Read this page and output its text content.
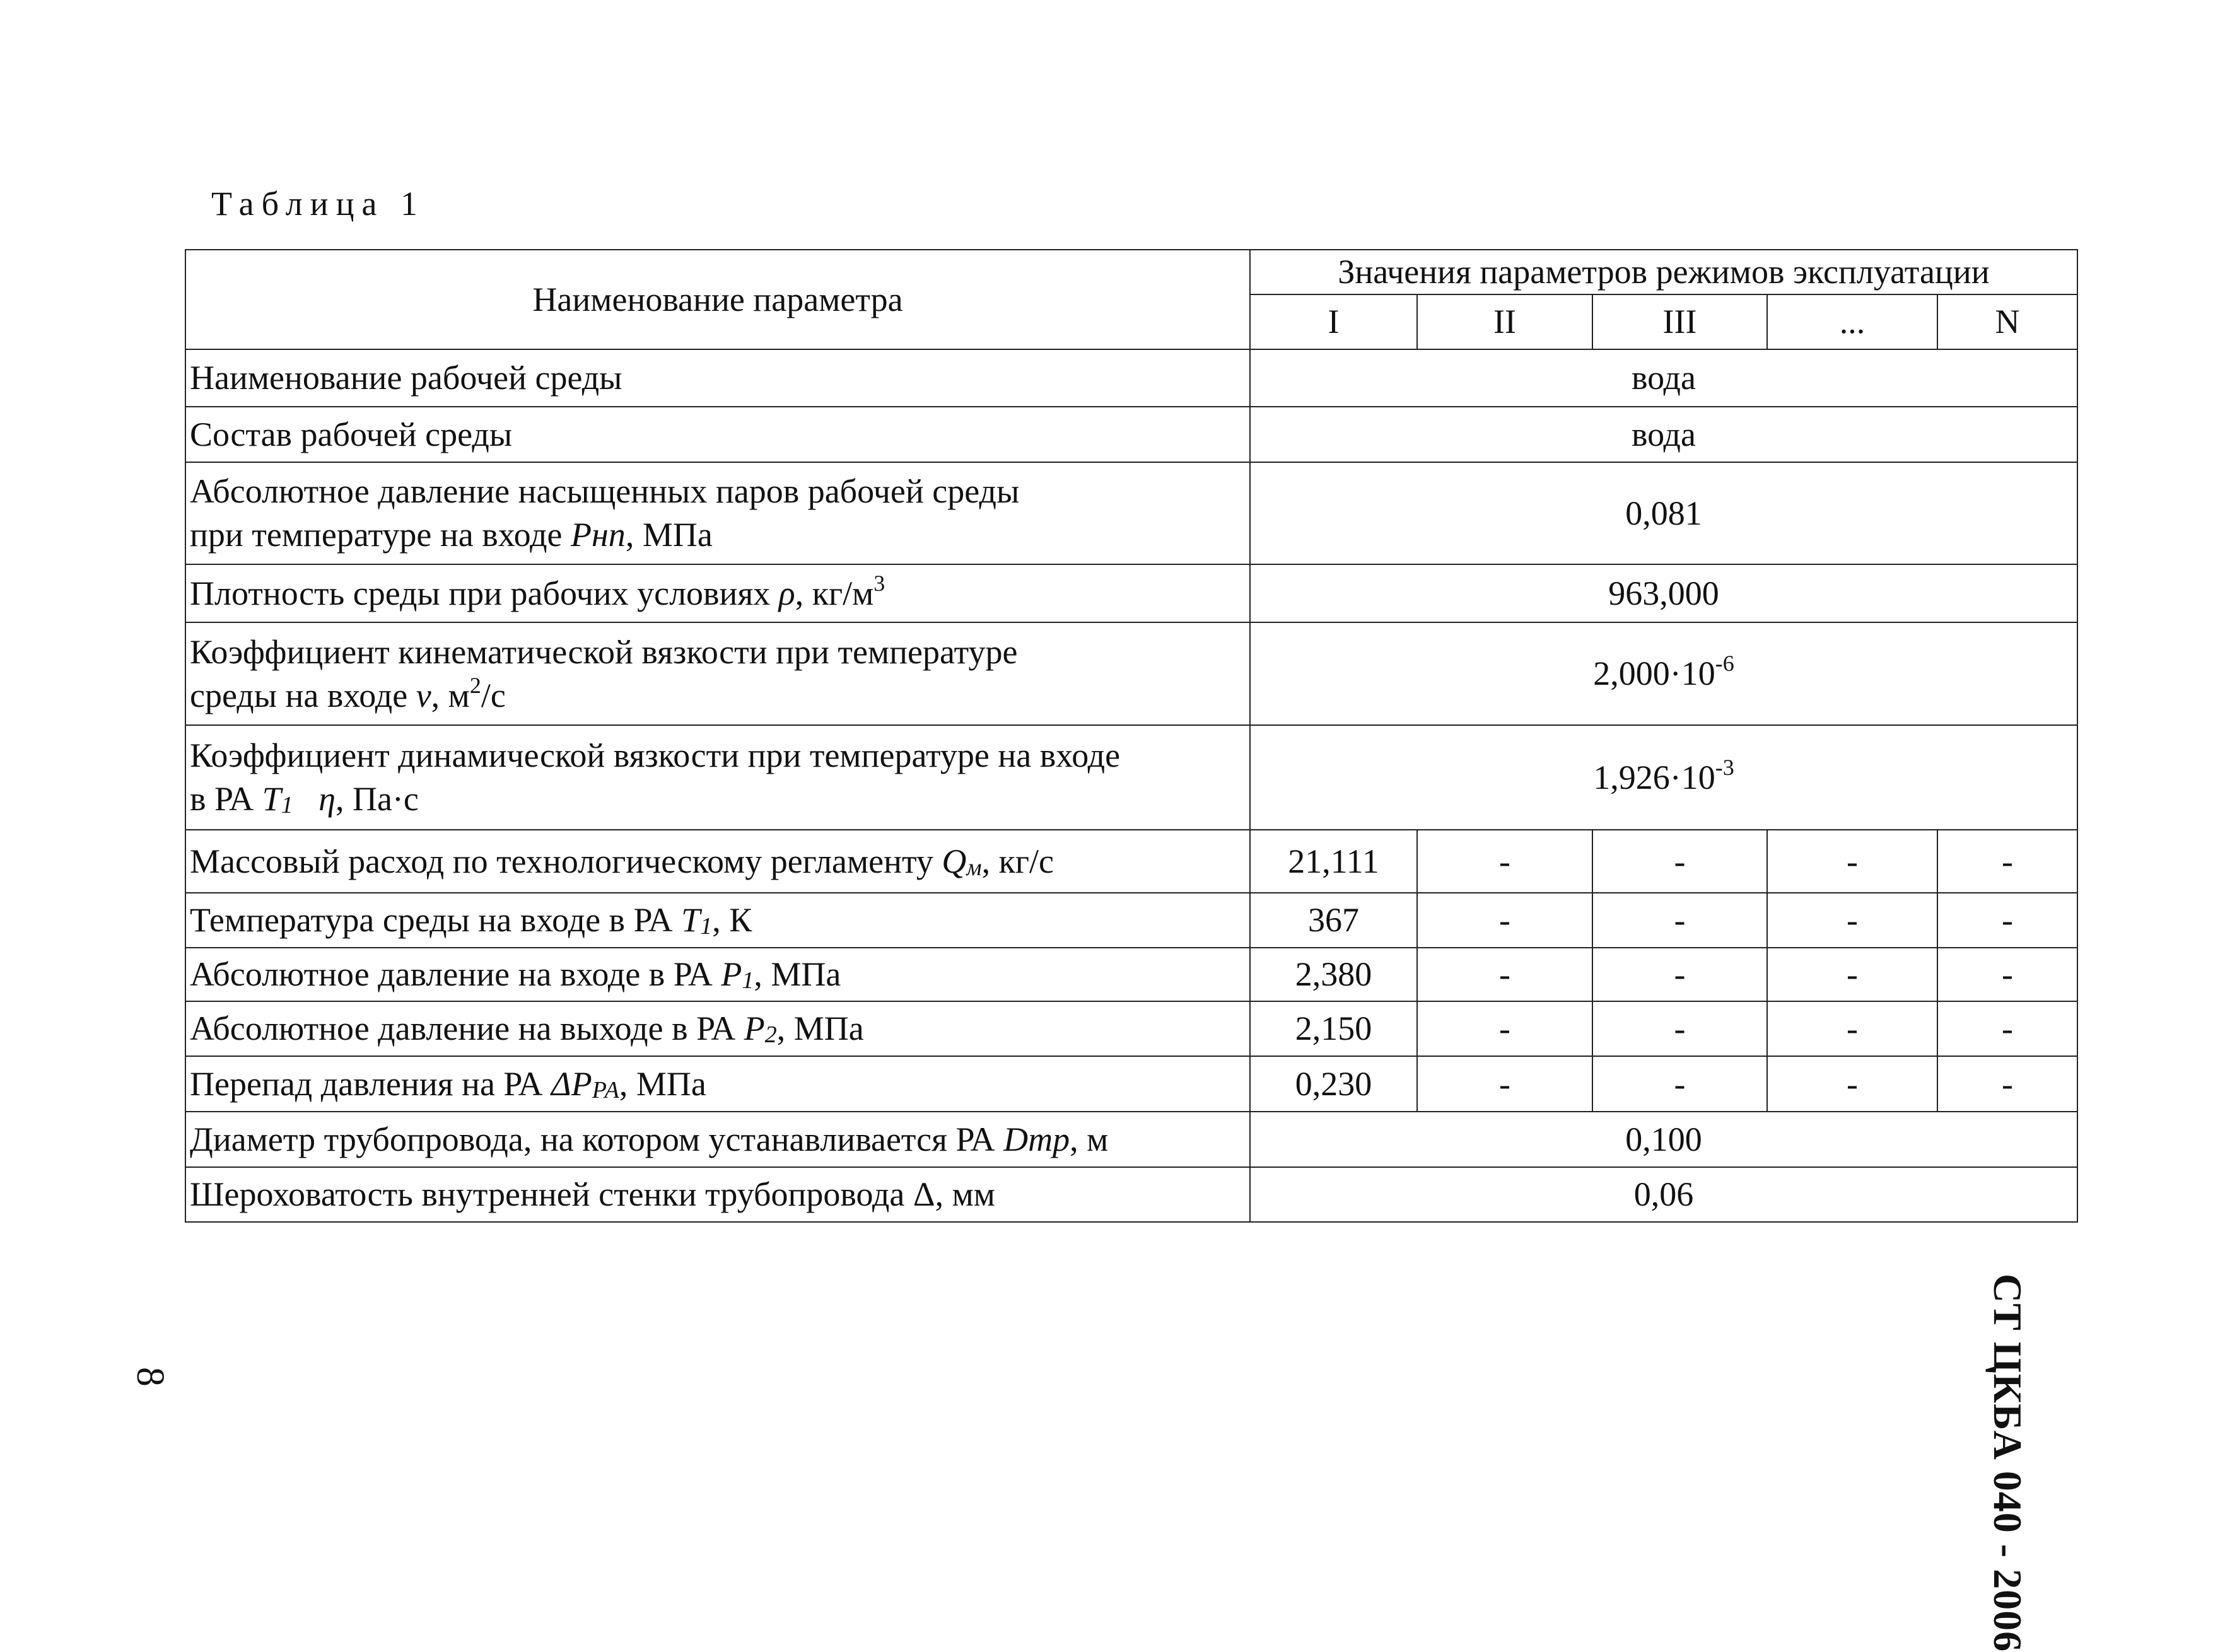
Таблица 1
Наименование параметра	Значения параметров режимов эксплуатации				
	I	II	III	...	N
Наименование рабочей среды	вода				
Состав рабочей среды	вода				
Абсолютное давление насыщенных паров рабочей среды
при температуре на входе Pнп, МПа	0,081				
Плотность среды при рабочих условиях ρ, $кг/м^3$	963,000				
Коэффициент кинематической вязкости при температуре
среды на входе ν, $м^2/с$	$2,000\cdot 10^{-6}$
Коэффициент динамической вязкости при температуре на входе
в РА T1 η, Па·с	$1,926\cdot 10^{-3}$
Массовый расход по технологическому регламенту Qм, кг/с	21,111	-	-	-	-
Температура среды на входе в РА T1, К	367	-	-	-	-
Абсолютное давление на входе в РА P1, МПа	2,380	-	-	-	-
Абсолютное давление на выходе в РА P2, МПа	2,150	-	-	-	-
Перепад давления на РА ΔPРА, МПа	0,230	-	-	-	-
Диаметр трубопровода, на котором устанавливается РА Dтр, м	0,100				
Шероховатость внутренней стенки трубопровода Δ, мм	0,06				
8	СТ ЦКБА 040 - 2006
